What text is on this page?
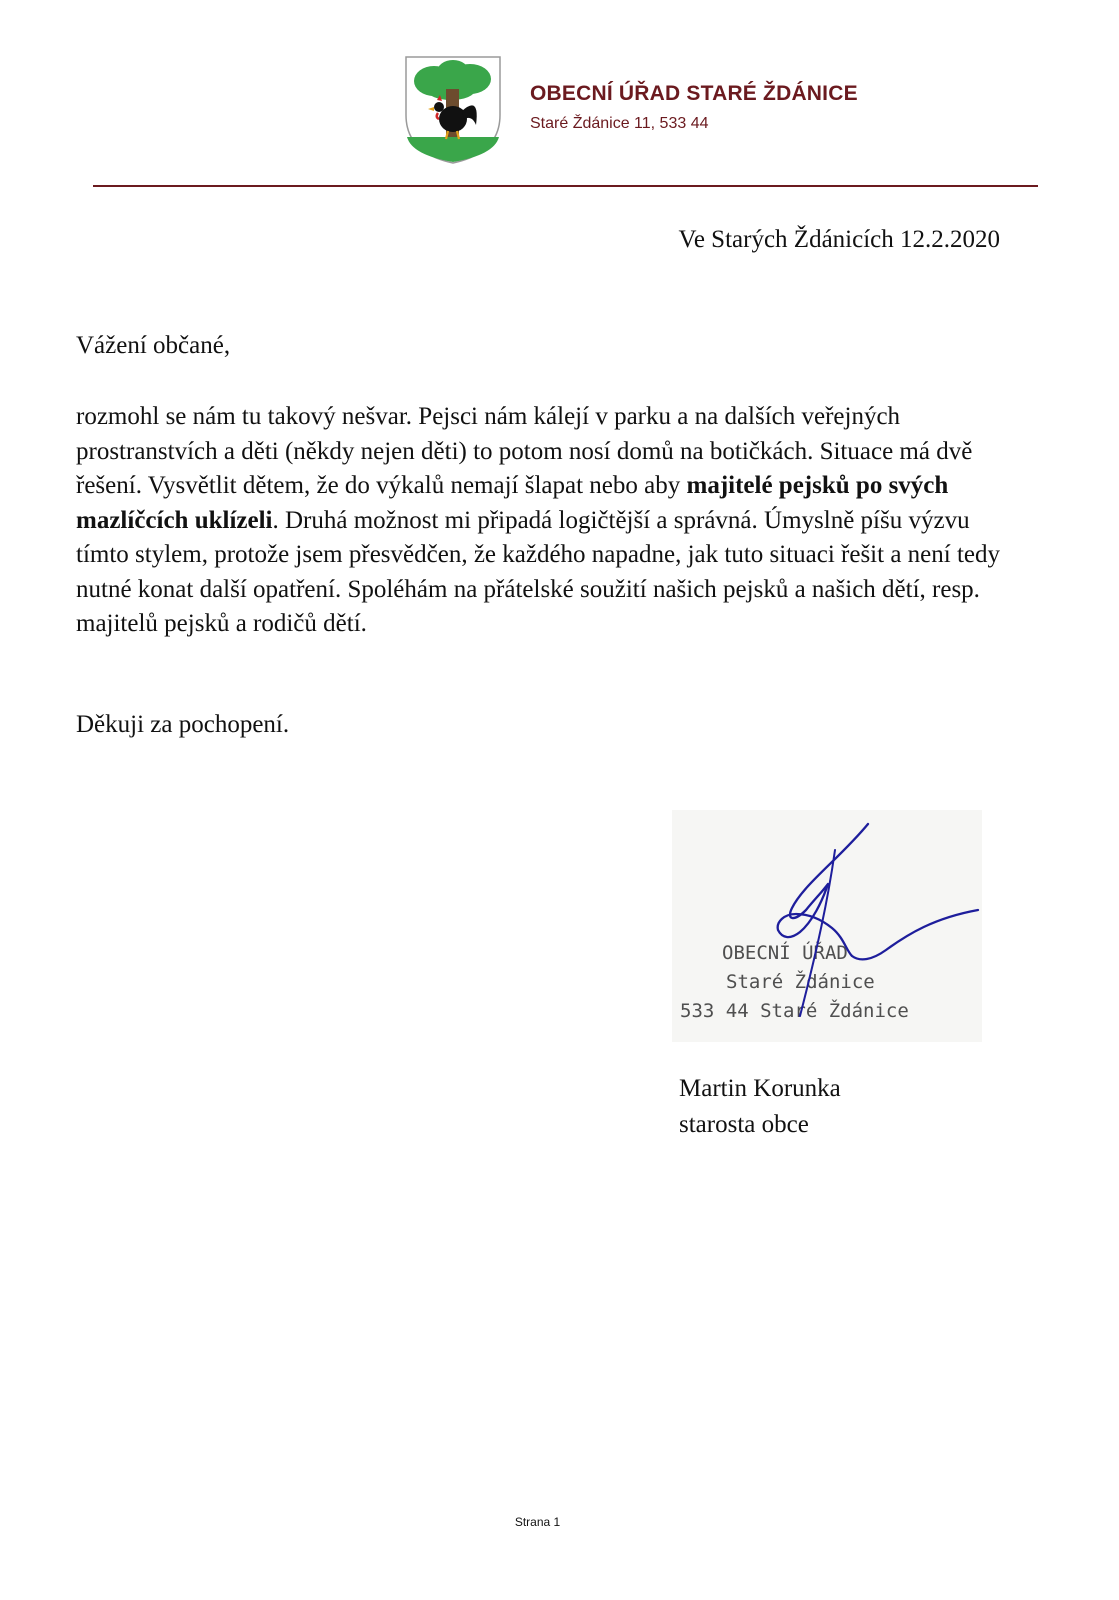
OBECNÍ ÚŘAD STARÉ ŽDÁNICE
Staré Ždánice 11, 533 44
Ve Starých Ždánicích 12.2.2020
Vážení občané,

rozmohl se nám tu takový nešvar. Pejsci nám kálejí v parku a na dalších veřejných prostranstvích a děti (někdy nejen děti) to potom nosí domů na botičkách. Situace má dvě řešení. Vysvětlit dětem, že do výkalů nemají šlapat nebo aby majitelé pejsků po svých mazlíčcích uklízeli. Druhá možnost mi připadá logičtější a správná. Úmyslně píšu výzvu tímto stylem, protože jsem přesvědčen, že každého napadne, jak tuto situaci řešit a není tedy nutné konat další opatření. Spoléhám na přátelské soužití našich pejsků a našich dětí, resp. majitelů pejsků a rodičů dětí.

Děkuji za pochopení.
OBECNÍ ÚŘAD
Staré Ždánice
533 44 Staré Ždánice
Martin Korunka
starosta obce
Strana 1
